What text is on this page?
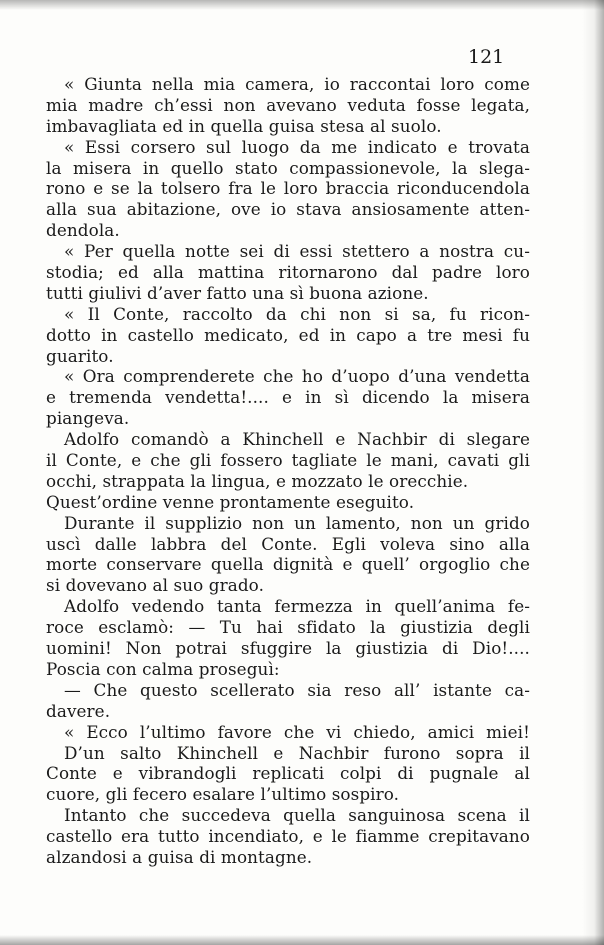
121
« Giunta nella mia camera, io raccontai loro come
mia madre ch’essi non avevano veduta fosse legata,
imbavagliata ed in quella guisa stesa al suolo.
« Essi corsero sul luogo da me indicato e trovata
la misera in quello stato compassionevole, la slega-
rono e se la tolsero fra le loro braccia riconducendola
alla sua abitazione, ove io stava ansiosamente atten-
dendola.
« Per quella notte sei di essi stettero a nostra cu-
stodia; ed alla mattina ritornarono dal padre loro
tutti giulivi d’aver fatto una sì buona azione.
« Il Conte, raccolto da chi non si sa, fu ricon-
dotto in castello medicato, ed in capo a tre mesi fu
guarito.
« Ora comprenderete che ho d’uopo d’una vendetta
e tremenda vendetta!.... e in sì dicendo la misera
piangeva.
Adolfo comandò a Khinchell e Nachbir di slegare
il Conte, e che gli fossero tagliate le mani, cavati gli
occhi, strappata la lingua, e mozzato le orecchie.
Quest’ordine venne prontamente eseguito.
Durante il supplizio non un lamento, non un grido
uscì dalle labbra del Conte. Egli voleva sino alla
morte conservare quella dignità e quell’ orgoglio che
si dovevano al suo grado.
Adolfo vedendo tanta fermezza in quell’anima fe-
roce esclamò: — Tu hai sfidato la giustizia degli
uomini! Non potrai sfuggire la giustizia di Dio!....
Poscia con calma proseguì:
— Che questo scellerato sia reso all’ istante ca-
davere.
« Ecco l’ultimo favore che vi chiedo, amici miei!
D’un salto Khinchell e Nachbir furono sopra il
Conte e vibrandogli replicati colpi di pugnale al
cuore, gli fecero esalare l’ultimo sospiro.
Intanto che succedeva quella sanguinosa scena il
castello era tutto incendiato, e le fiamme crepitavano
alzandosi a guisa di montagne.
